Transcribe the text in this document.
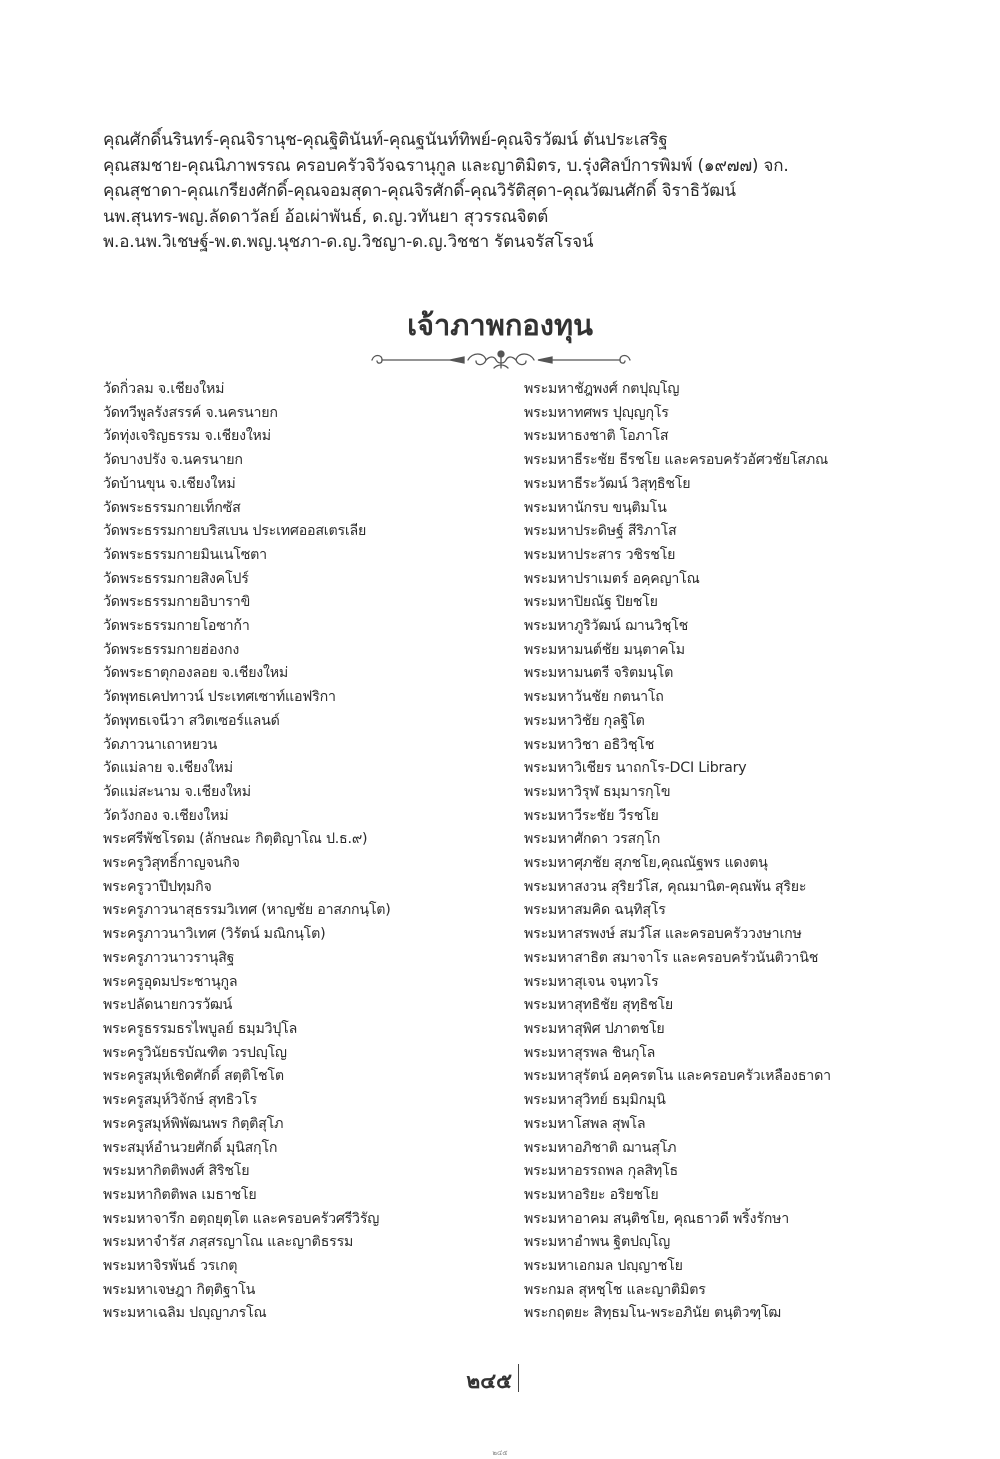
คุณศักดิ์นรินทร์-คุณจิรานุช-คุณฐิตินันท์-คุณฐนันท์ทิพย์-คุณจิรวัฒน์ ตันประเสริฐ
คุณสมชาย-คุณนิภาพรรณ ครอบครัวจิวัจฉรานุกูล และญาติมิตร, บ.รุ่งศิลป์การพิมพ์ (๑๙๗๗) จก.
คุณสุชาดา-คุณเกรียงศักดิ์-คุณจอมสุดา-คุณจิรศักดิ์-คุณวิรัติสุดา-คุณวัฒนศักดิ์ จิราธิวัฒน์
นพ.สุนทร-พญ.ลัดดาวัลย์ อ้อเผ่าพันธ์, ด.ญ.วทันยา สุวรรณจิตต์
พ.อ.นพ.วิเชษฐ์-พ.ต.พญ.นุชภา-ด.ญ.วิชญา-ด.ญ.วิชชา รัตนจรัสโรจน์
เจ้าภาพกองทุน
วัดกิ่วลม จ.เชียงใหม่
วัดทวีพูลรังสรรค์ จ.นครนายก
วัดทุ่งเจริญธรรม จ.เชียงใหม่
วัดบางปรัง จ.นครนายก
วัดบ้านขุน จ.เชียงใหม่
วัดพระธรรมกายเท็กซัส
วัดพระธรรมกายบริสเบน ประเทศออสเตรเลีย
วัดพระธรรมกายมินเนโซตา
วัดพระธรรมกายสิงคโปร์
วัดพระธรรมกายอิบาราขิ
วัดพระธรรมกายโอซาก้า
วัดพระธรรมกายฮ่องกง
วัดพระธาตุกองลอย จ.เชียงใหม่
วัดพุทธเคปทาวน์ ประเทศเซาท์แอฟริกา
วัดพุทธเจนีวา สวิตเซอร์แลนด์
วัดภาวนาเถาหยวน
วัดแม่ลาย จ.เชียงใหม่
วัดแม่สะนาม จ.เชียงใหม่
วัดวังกอง จ.เชียงใหม่
พระศรีพัชโรดม (ลักษณะ กิตฺติญาโณ ป.ธ.๙)
พระครูวิสุทธิ์กาญจนกิจ
พระครูวาปีปทุมกิจ
พระครูภาวนาสุธรรมวิเทศ (หาญชัย อาสภกนฺโต)
พระครูภาวนาวิเทศ (วิรัตน์ มณิกนฺโต)
พระครูภาวนาวรานุสิฐ
พระครูอุดมประชานุกูล
พระปลัดนายกวรวัฒน์
พระครูธรรมธรไพบูลย์ ธมฺมวิปุโล
พระครูวินัยธรบัณฑิต วรปญฺโญ
พระครูสมุห์เชิดศักดิ์ สตฺติโชโต
พระครูสมุห์วิจักษ์ สุทธิวโร
พระครูสมุห์พิพัฒนพร กิตฺติสุโภ
พระสมุห์อำนวยศักดิ์ มุนิสกฺโก
พระมหากิตติพงศ์ สิริชโย
พระมหากิตติพล เมธาชโย
พระมหาจารึก อตฺถยุตฺโต และครอบครัวศรีวิรัญ
พระมหาจำรัส ภสฺสรญาโณ และญาติธรรม
พระมหาจิรพันธ์ วรเกตุ
พระมหาเจษฎา กิตฺติฐาโน
พระมหาเฉลิม ปญฺญาภรโณ
พระมหาชัฎพงศ์ กตปุญฺโญ
พระมหาทศพร ปุญฺญกุโร
พระมหาธงชาติ โอภาโส
พระมหาธีระชัย ธีรชโย และครอบครัวอัศวชัยโสภณ
พระมหาธีระวัฒน์ วิสุทฺธิชโย
พระมหานักรบ ขนฺติมโน
พระมหาประดิษฐ์ สีริภาโส
พระมหาประสาร วชิรชโย
พระมหาปราเมตร์ อคฺคญาโณ
พระมหาปิยณัฐ ปิยชโย
พระมหาภูริวัฒน์ ฌานวิชฺโช
พระมหามนต์ชัย มนฺตาคโม
พระมหามนตรี จริตมนฺโต
พระมหาวันชัย กตนาโถ
พระมหาวิชัย กุลฐิโต
พระมหาวิชา อธิวิชฺโช
พระมหาวิเชียร นาถกโร-DCI Library
พระมหาวิรุฬ ธมฺมารกฺโข
พระมหาวีระชัย วีรชโย
พระมหาศักดา วรสกฺโก
พระมหาศุภชัย สุภชโย,คุณณัฐพร แดงตนุ
พระมหาสงวน สุริยวํโส, คุณมานิต-คุณพัน สุริยะ
พระมหาสมคิด ฉนฺทิสุโร
พระมหาสรพงษ์ สมวํโส และครอบครัววงษาเกษ
พระมหาสาธิต สมาจาโร และครอบครัวนันติวานิช
พระมหาสุเจน จนฺทวโร
พระมหาสุทธิชัย สุทฺธิชโย
พระมหาสุพิศ ปภาตชโย
พระมหาสุรพล ชินกุโล
พระมหาสุรัตน์ อคฺครตโน และครอบครัวเหลืองธาดา
พระมหาสุวิทย์ ธมฺมิกมุนิ
พระมหาโสพล สุพโล
พระมหาอภิชาติ ฌานสุโภ
พระมหาอรรถพล กุลสิทฺโธ
พระมหาอริยะ อริยชโย
พระมหาอาคม สนฺติชโย, คุณธาวดี พริ้งรักษา
พระมหาอำพน ฐิตปญฺโญ
พระมหาเอกมล ปญฺญาชโย
พระกมล สุหชฺโช และญาติมิตร
พระกฤตยะ สิทฺธมโน-พระอภินัย ตนฺติวฑฺโฒ
๒๔๕
๒๔๕
